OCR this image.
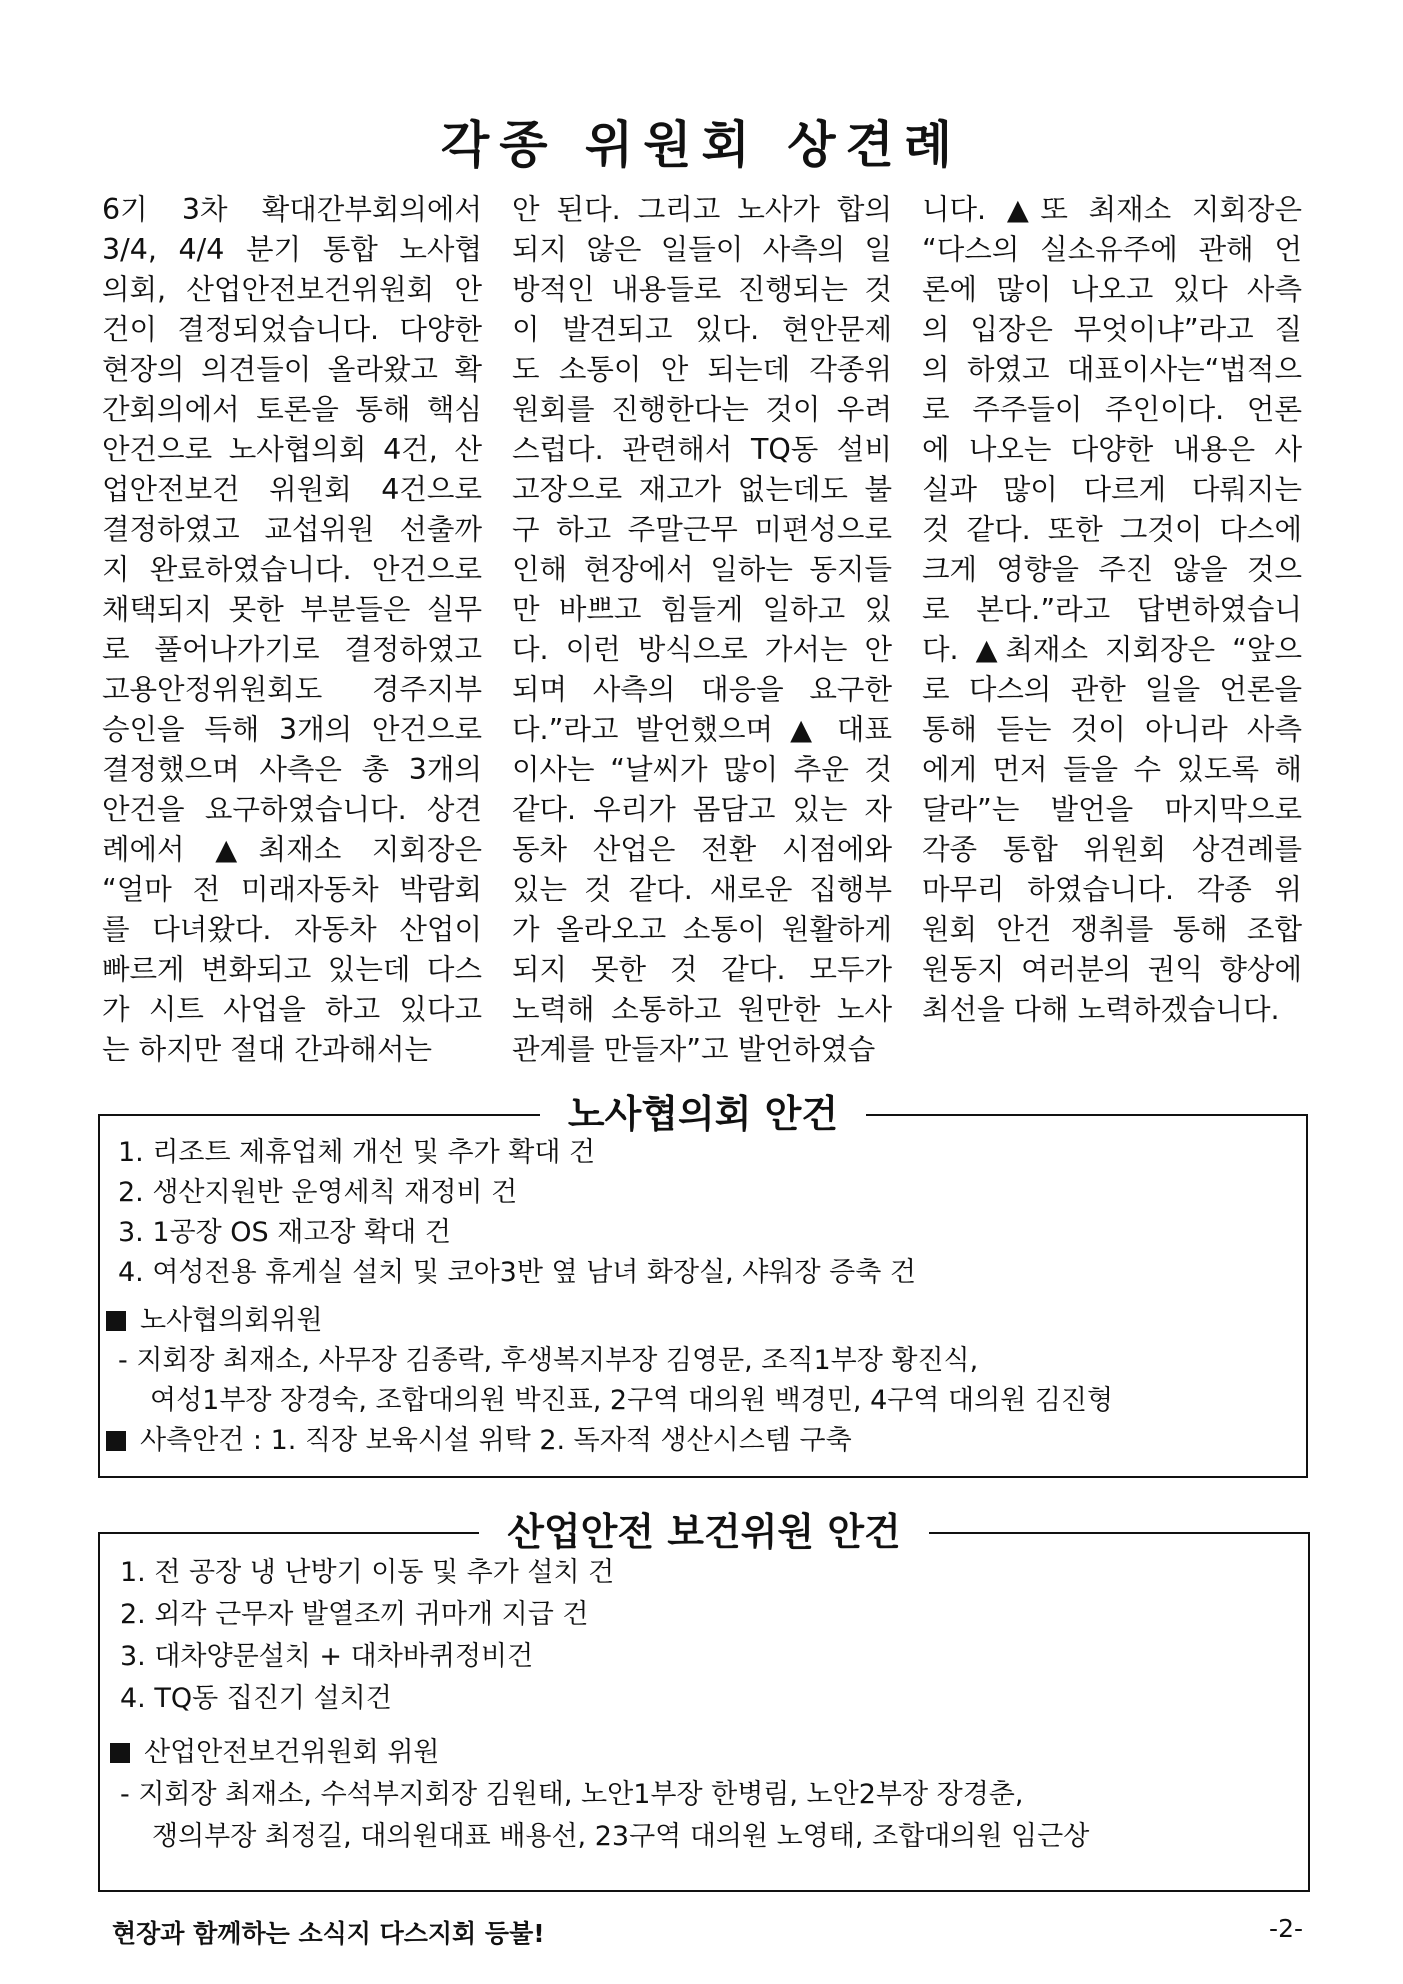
각종 위원회 상견례
6기 3차 확대간부회의에서
3/4, 4/4 분기 통합 노사협
의회, 산업안전보건위원회 안
건이 결정되었습니다. 다양한
현장의 의견들이 올라왔고 확
간회의에서 토론을 통해 핵심
안건으로 노사협의회 4건, 산
업안전보건 위원회 4건으로
결정하였고 교섭위원 선출까
지 완료하였습니다. 안건으로
채택되지 못한 부분들은 실무
로 풀어나가기로 결정하였고
고용안정위원회도 경주지부
승인을 득해 3개의 안건으로
결정했으며 사측은 총 3개의
안건을 요구하였습니다. 상견
례에서 ▲최재소 지회장은
“얼마 전 미래자동차 박람회
를 다녀왔다. 자동차 산업이
빠르게 변화되고 있는데 다스
가 시트 사업을 하고 있다고
는 하지만 절대 간과해서는
안 된다. 그리고 노사가 합의
되지 않은 일들이 사측의 일
방적인 내용들로 진행되는 것
이 발견되고 있다. 현안문제
도 소통이 안 되는데 각종위
원회를 진행한다는 것이 우려
스럽다. 관련해서 TQ동 설비
고장으로 재고가 없는데도 불
구 하고 주말근무 미편성으로
인해 현장에서 일하는 동지들
만 바쁘고 힘들게 일하고 있
다. 이런 방식으로 가서는 안
되며 사측의 대응을 요구한
다.”라고 발언했으며 ▲ 대표
이사는 “날씨가 많이 추운 것
같다. 우리가 몸담고 있는 자
동차 산업은 전환 시점에와
있는 것 같다. 새로운 집행부
가 올라오고 소통이 원활하게
되지 못한 것 같다. 모두가
노력해 소통하고 원만한 노사
관계를 만들자”고 발언하였습
니다. ▲또 최재소 지회장은
“다스의 실소유주에 관해 언
론에 많이 나오고 있다 사측
의 입장은 무엇이냐”라고 질
의 하였고 대표이사는“법적으
로 주주들이 주인이다. 언론
에 나오는 다양한 내용은 사
실과 많이 다르게 다뤄지는
것 같다. 또한 그것이 다스에
크게 영향을 주진 않을 것으
로 본다.”라고 답변하였습니
다. ▲최재소 지회장은 “앞으
로 다스의 관한 일을 언론을
통해 듣는 것이 아니라 사측
에게 먼저 들을 수 있도록 해
달라”는 발언을 마지막으로
각종 통합 위원회 상견례를
마무리 하였습니다. 각종 위
원회 안건 쟁취를 통해 조합
원동지 여러분의 권익 향상에
최선을 다해 노력하겠습니다.
노사협의회 안건
1. 리조트 제휴업체 개선 및 추가 확대 건
2. 생산지원반 운영세칙 재정비 건
3. 1공장 OS 재고장 확대 건
4. 여성전용 휴게실 설치 및 코아3반 옆 남녀 화장실, 샤워장 증축 건
노사협의회위원
- 지회장 최재소, 사무장 김종락, 후생복지부장 김영문, 조직1부장 황진식,
여성1부장 장경숙, 조합대의원 박진표, 2구역 대의원 백경민, 4구역 대의원 김진형
사측안건 : 1. 직장 보육시설 위탁 2. 독자적 생산시스템 구축
산업안전 보건위원 안건
1. 전 공장 냉 난방기 이동 및 추가 설치 건
2. 외각 근무자 발열조끼 귀마개 지급 건
3. 대차양문설치 + 대차바퀴정비건
4. TQ동 집진기 설치건
산업안전보건위원회 위원
- 지회장 최재소, 수석부지회장 김원태, 노안1부장 한병림, 노안2부장 장경춘,
쟁의부장 최정길, 대의원대표 배용선, 23구역 대의원 노영태, 조합대의원 임근상
현장과 함께하는 소식지 다스지회 등불!	-2-
